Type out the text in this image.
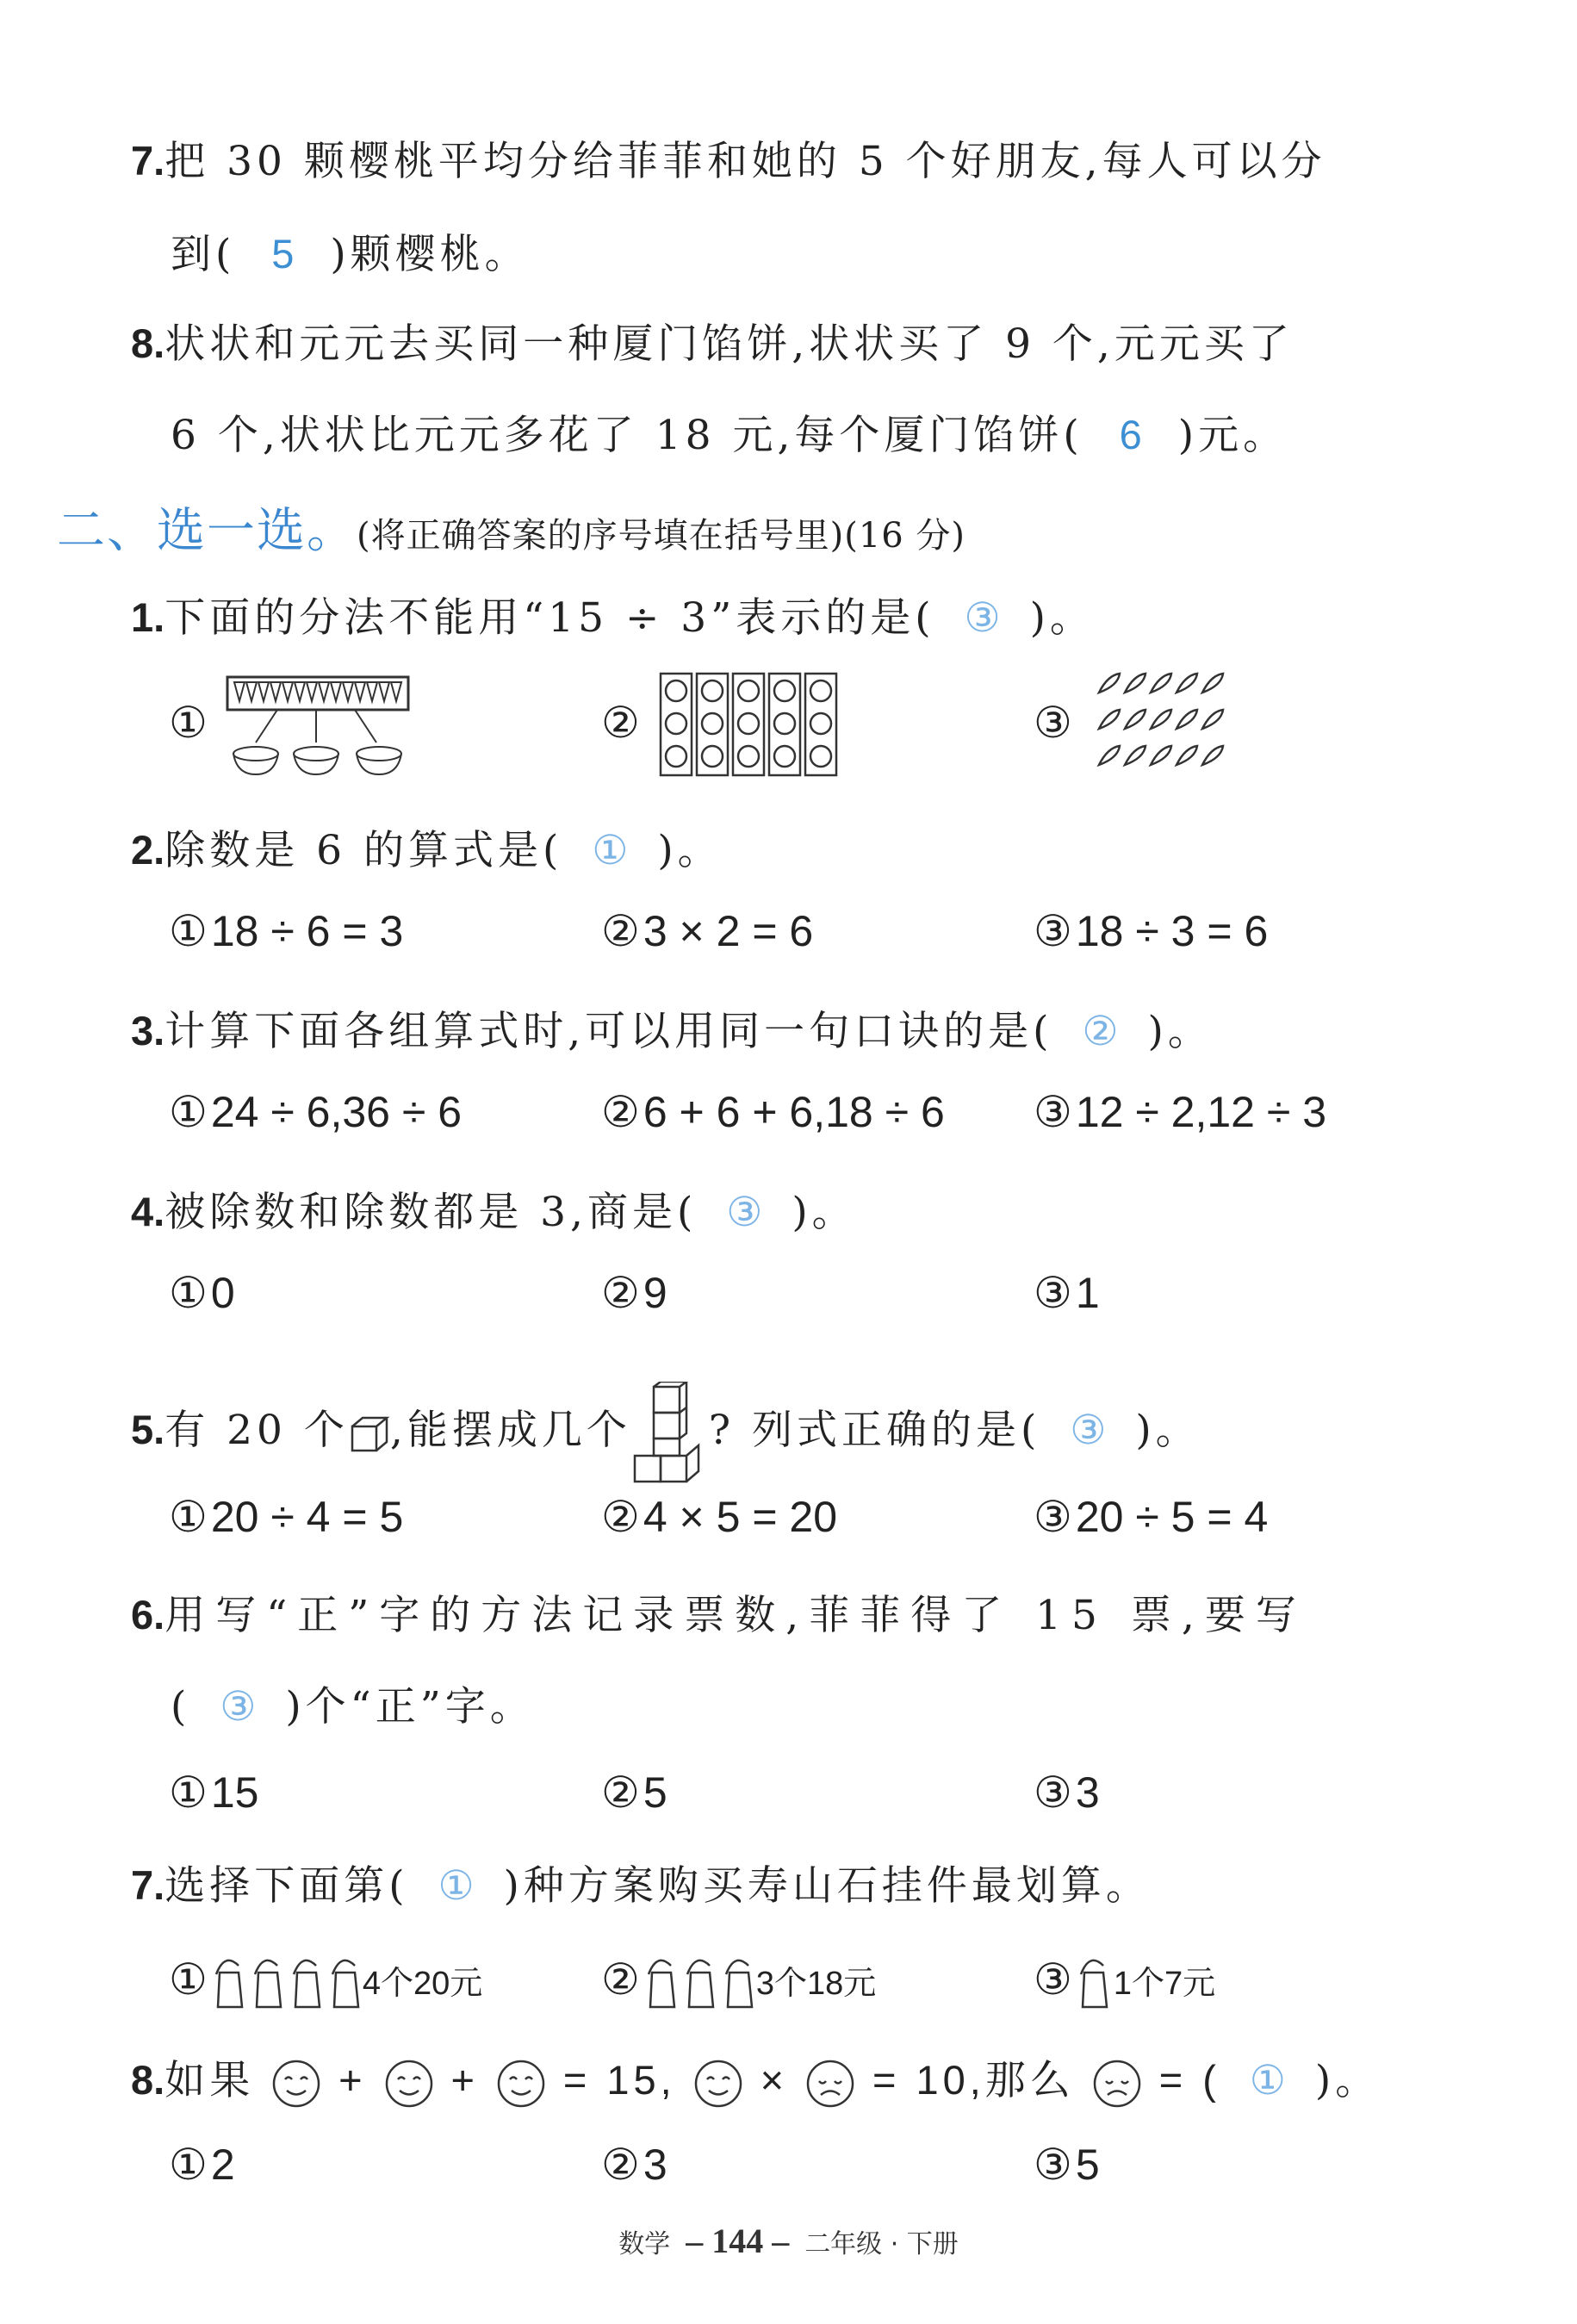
7.把 30 颗樱桃平均分给菲菲和她的 5 个好朋友,每人可以分
到( 5 )颗樱桃。
8.状状和元元去买同一种厦门馅饼,状状买了 9 个,元元买了
6 个,状状比元元多花了 18 元,每个厦门馅饼( 6 )元。
二、选一选。(将正确答案的序号填在括号里)(16 分)
1.下面的分法不能用“15 ÷ 3”表示的是( ③ )。
①	②	③
2.除数是 6 的算式是( ① )。
①18 ÷ 6 = 3	②3 × 2 = 6	③18 ÷ 3 = 6
3.计算下面各组算式时,可以用同一句口诀的是( ② )。
①24 ÷ 6,36 ÷ 6	②6 + 6 + 6,18 ÷ 6 ③12 ÷ 2,12 ÷ 3
4.被除数和除数都是 3,商是( ③ )。
①0	②9	③1
5.有 20 个 ,能摆成几个 ? 列式正确的是( ③ )。
①20 ÷ 4 = 5	②4 × 5 = 20	③20 ÷ 5 = 4
6.用写“正”字的方法记录票数,菲菲得了 15 票,要写
( ③ )个“正”字。
①15	②5	③3
7.选择下面第( ① )种方案购买寿山石挂件最划算。
①	4个20元	②	3个18元	③ 1个7元
8.如果 + + = 15, × = 10,那么 = ( ① )。
①2	②3	③5
数学 – 144 – 二年级 · 下册
